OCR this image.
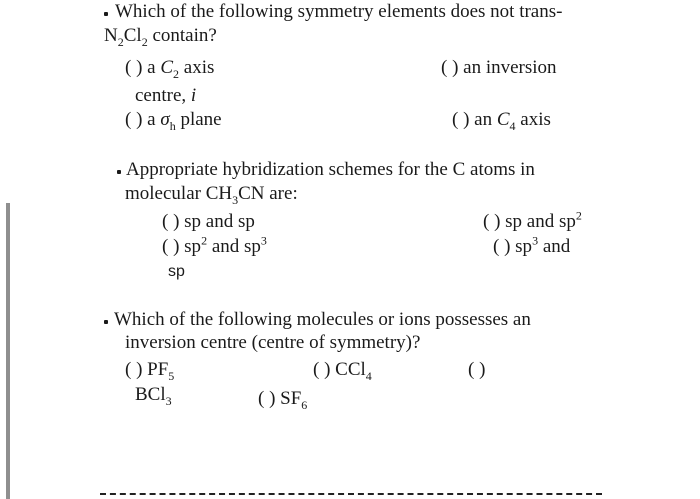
Which of the following symmetry elements does not trans-
$N_2Cl_2$ contain?
( ) a $C_2$ axis	( ) an inversion
centre, i
( ) a $\sigma_h$ plane	( ) an $C_4$ axis
Appropriate hybridization schemes for the C atoms in
molecular $CH_3CN$ are:
( ) sp and sp	( ) sp and $sp^2$
( ) $sp^2$ and $sp^3$	( ) $sp^3$ and
sp
Which of the following molecules or ions possesses an
inversion centre (centre of symmetry)?
( ) $PF_5$	( ) CCl$_4$	( )
BCl$_3$	( ) $SF_6$
